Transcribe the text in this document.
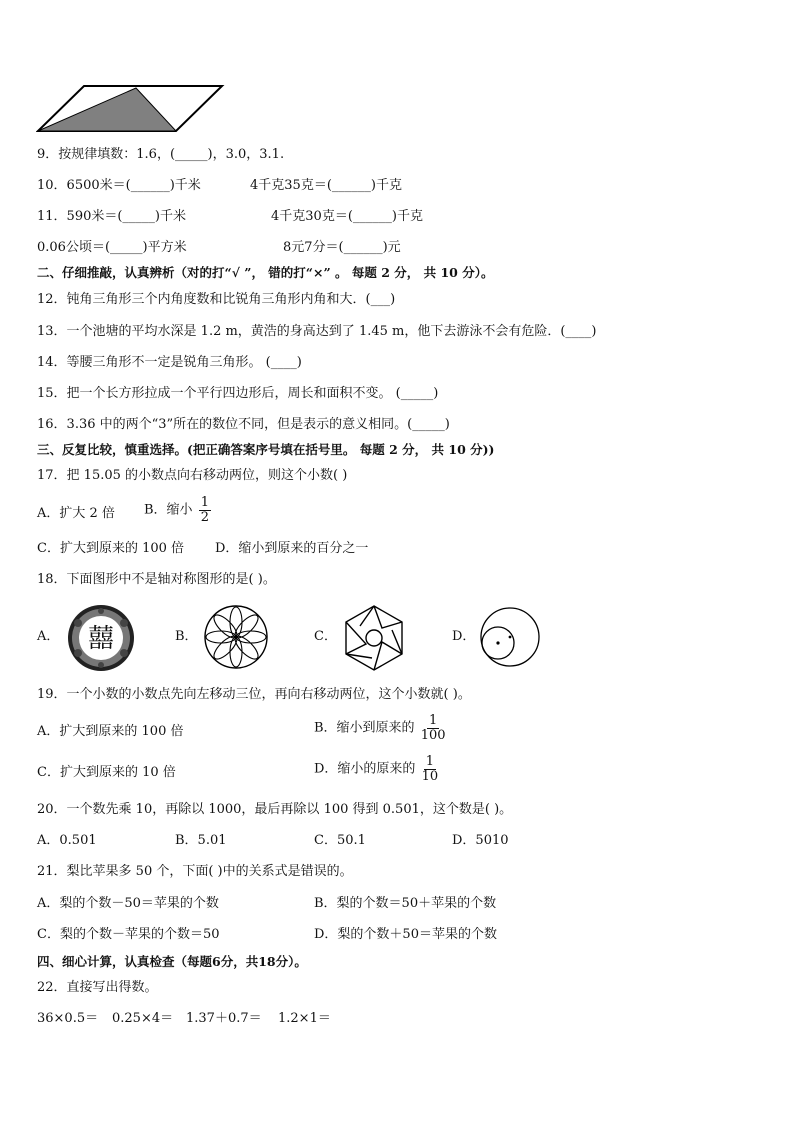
9．按规律填数：1.6，(_____)，3.0，3.1.
10．6500米＝(______)千米	4千克35克＝(______)千克
11．590米＝(_____)千米	4千克30克＝(______)千克
0.06公顷＝(_____)平方米	8元7分＝(______)元
二、仔细推敲，认真辨析（对的打“√ ”， 错的打“×” 。 每题 2 分， 共 10 分）。
12．钝角三角形三个内角度数和比锐角三角形内角和大．(___)
13．一个池塘的平均水深是 1.2 m，黄浩的身高达到了 1.45 m，他下去游泳不会有危险．(____)
14．等腰三角形不一定是锐角三角形。 (____)
15．把一个长方形拉成一个平行四边形后，周长和面积不变。 (_____)
16．3.36 中的两个“3”所在的数位不同，但是表示的意义相同。(_____)
三、反复比较，慎重选择。(把正确答案序号填在括号里。 每题 2 分， 共 10 分))
17．把 15.05 的小数点向右移动两位，则这个小数( )
A．扩大 2 倍 B．缩小 $\frac{1}{2}$
C．扩大到原来的 100 倍 D．缩小到原来的百分之一
18．下面图形中不是轴对称图形的是( )。
A． 囍	B．	C．	D．
19．一个小数的小数点先向左移动三位，再向右移动两位，这个小数就( )。
A．扩大到原来的 100 倍	B．缩小到原来的 $\frac{1}{100}$
C．扩大到原来的 10 倍	D．缩小的原来的 $\frac{1}{10}$
20．一个数先乘 10，再除以 1000，最后再除以 100 得到 0.501，这个数是( )。
A．0.501	B．5.01	C．50.1	D．5010
21．梨比苹果多 50 个，下面( )中的关系式是错误的。
A．梨的个数－50＝苹果的个数	B．梨的个数＝50＋苹果的个数
C．梨的个数－苹果的个数＝50	D．梨的个数＋50＝苹果的个数
四、细心计算，认真检查（每题6分，共18分）。
22．直接写出得数。
36×0.5＝ 0.25×4＝ 1.37＋0.7＝ 1.2×1＝
